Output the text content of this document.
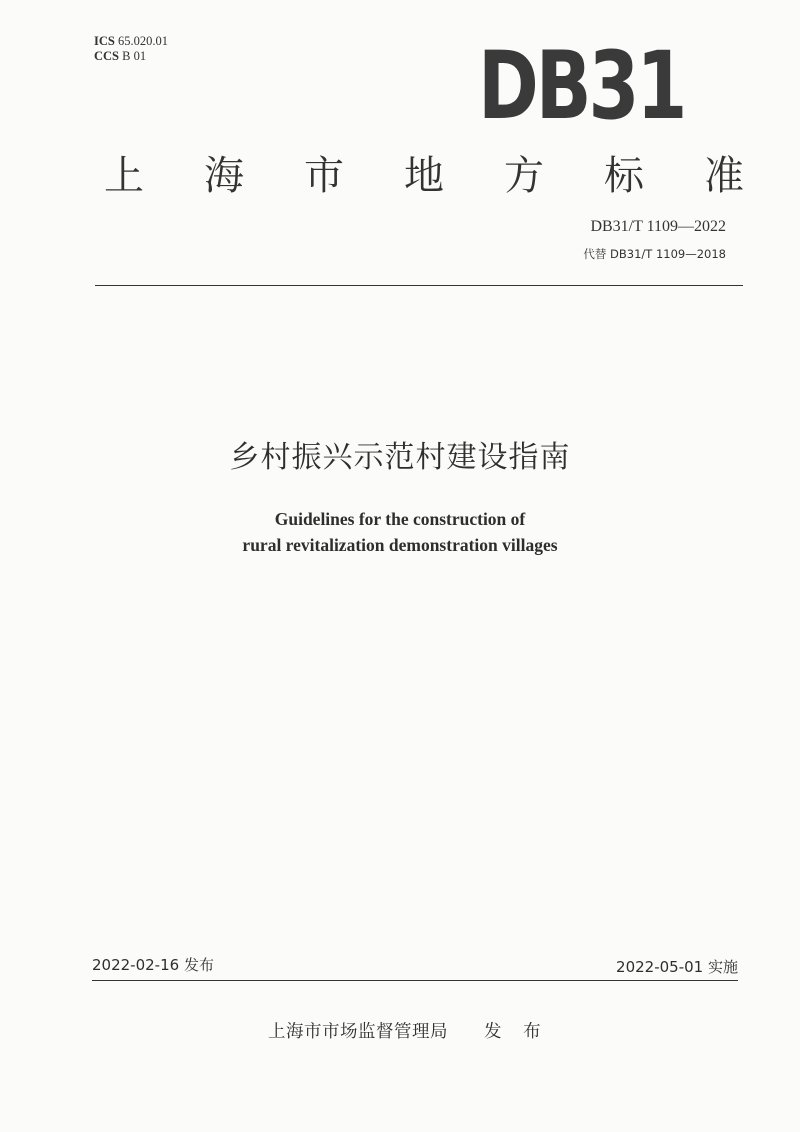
ICS 65.020.01
CCS B 01	DB31
上 海 市 地 方 标 准
DB31/T 1109—2022
代替 DB31/T 1109—2018
乡村振兴示范村建设指南
Guidelines for the construction of
rural revitalization demonstration villages
2022-02-16 发布	2022-05-01 实施
上海市市场监督管理局 发 布
